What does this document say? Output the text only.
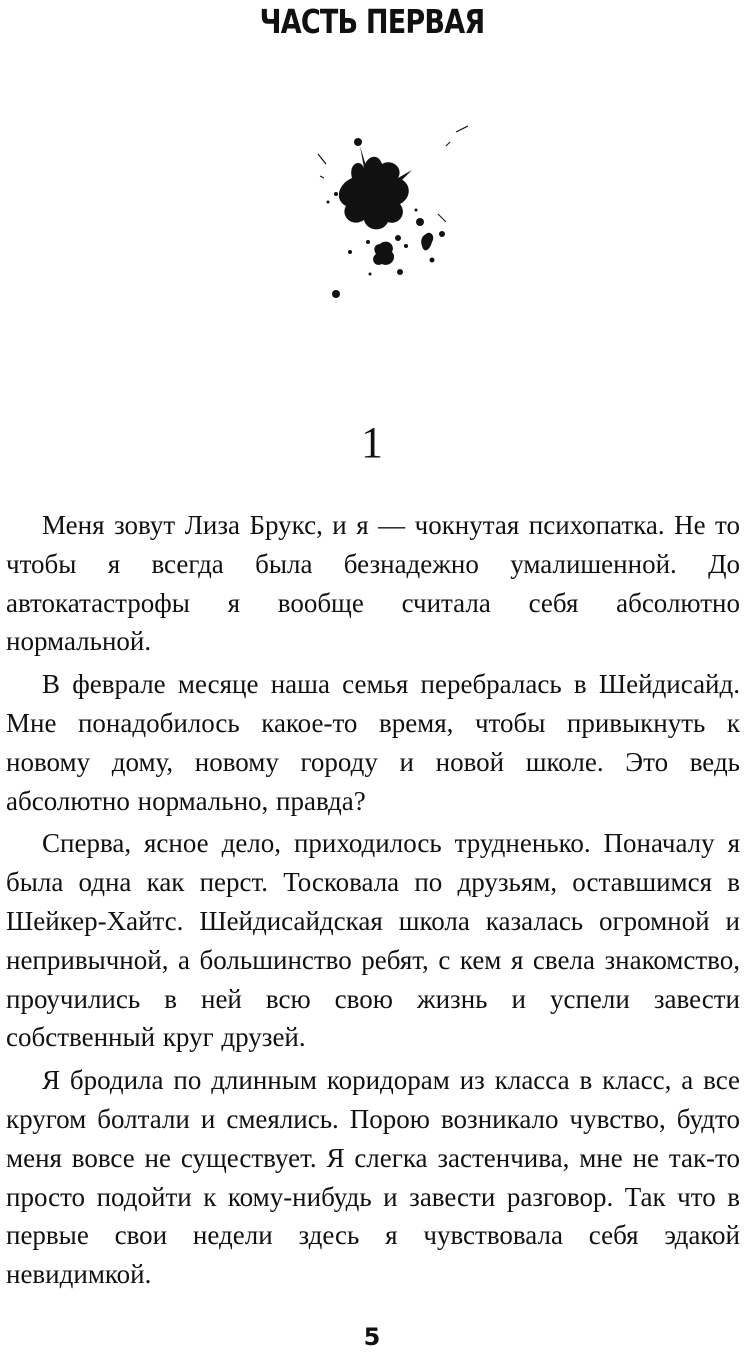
ЧАСТЬ ПЕРВАЯ
1

Меня зовут Лиза Брукс, и я — чокнутая психопатка. Не то чтобы я всегда была безнадежно умалишенной. До автокатастрофы я вообще считала себя абсолютно нормальной.

В феврале месяце наша семья перебралась в Шейдисайд. Мне понадобилось какое-то время, чтобы привыкнуть к новому дому, новому городу и новой школе. Это ведь абсолютно нормально, правда?

Сперва, ясное дело, приходилось трудненько. Поначалу я была одна как перст. Тосковала по друзьям, оставшимся в Шейкер-Хайтс. Шейдисайдская школа казалась огромной и непривычной, а большинство ребят, с кем я свела знакомство, проучились в ней всю свою жизнь и успели завести собственный круг друзей.

Я бродила по длинным коридорам из класса в класс, а все кругом болтали и смеялись. Порою возникало чувство, будто меня вовсе не существует. Я слегка застенчива, мне не так-то просто подойти к кому-нибудь и завести разговор. Так что в первые свои недели здесь я чувствовала себя эдакой невидимкой.

5
